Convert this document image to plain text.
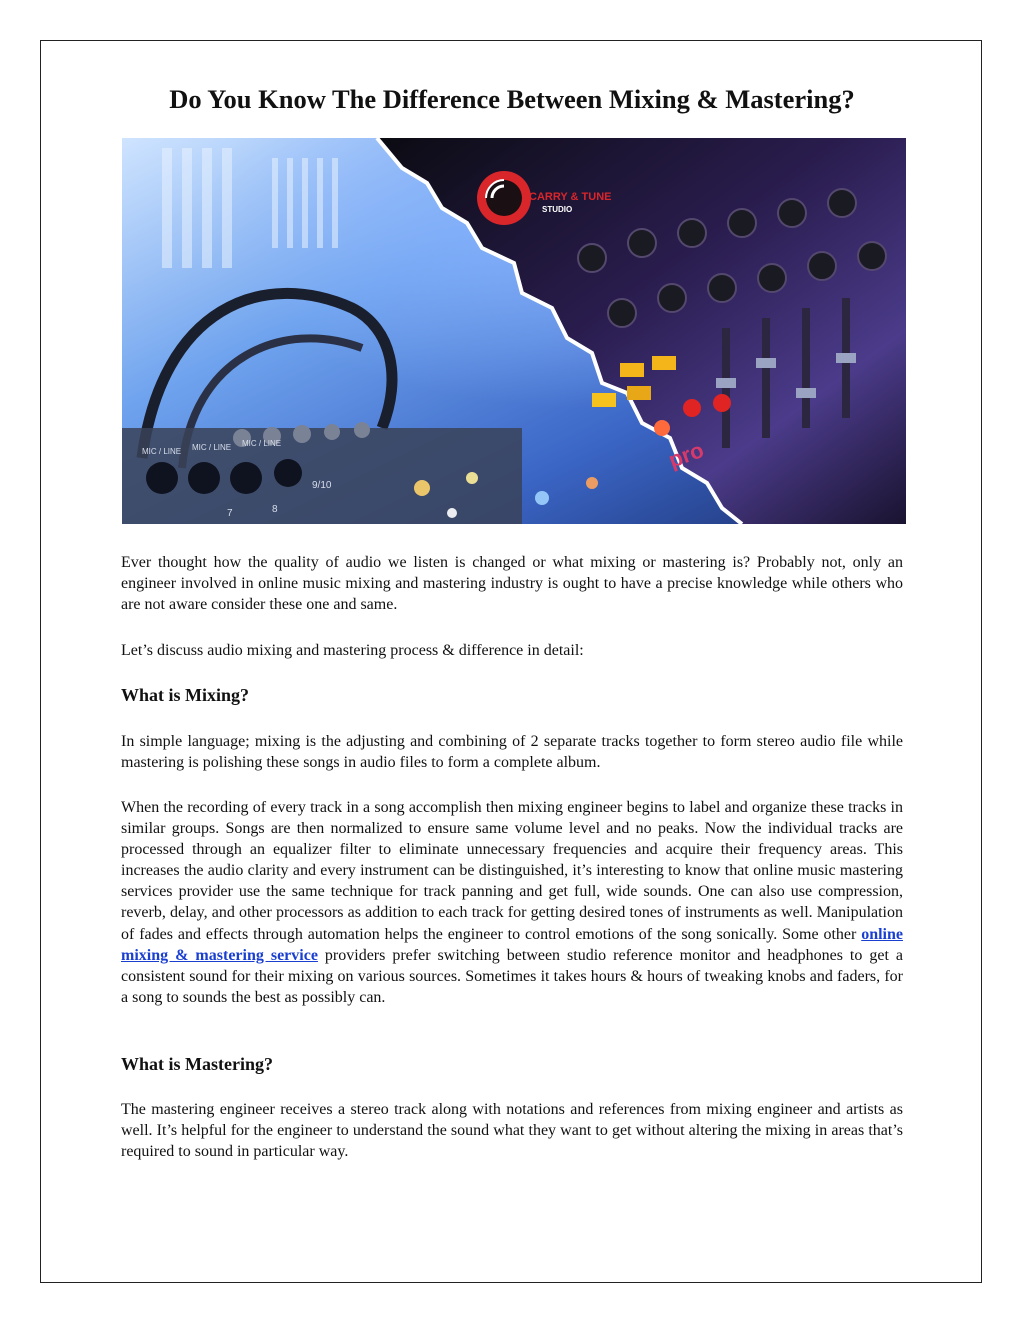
Do You Know The Difference Between Mixing & Mastering?
MIC / LINE MIC / LINE MIC / LINE
7	8
9/10
pro
CARRY & TUNE
STUDIO

Ever thought how the quality of audio we listen is changed or what mixing or mastering is? Probably not, only an engineer involved in online music mixing and mastering industry is ought to have a precise knowledge while others who are not aware consider these one and same.

Let’s discuss audio mixing and mastering process & difference in detail:

What is Mixing?

In simple language; mixing is the adjusting and combining of 2 separate tracks together to form stereo audio file while mastering is polishing these songs in audio files to form a complete album.

When the recording of every track in a song accomplish then mixing engineer begins to label and organize these tracks in similar groups. Songs are then normalized to ensure same volume level and no peaks. Now the individual tracks are processed through an equalizer filter to eliminate unnecessary frequencies and acquire their frequency areas. This increases the audio clarity and every instrument can be distinguished, it’s interesting to know that online music mastering services provider use the same technique for track panning and get full, wide sounds. One can also use compression, reverb, delay, and other processors as addition to each track for getting desired tones of instruments as well. Manipulation of fades and effects through automation helps the engineer to control emotions of the song sonically. Some other online mixing & mastering service providers prefer switching between studio reference monitor and headphones to get a consistent sound for their mixing on various sources. Sometimes it takes hours & hours of tweaking knobs and faders, for a song to sounds the best as possibly can.

What is Mastering?

The mastering engineer receives a stereo track along with notations and references from mixing engineer and artists as well. It’s helpful for the engineer to understand the sound what they want to get without altering the mixing in areas that’s required to sound in particular way.
